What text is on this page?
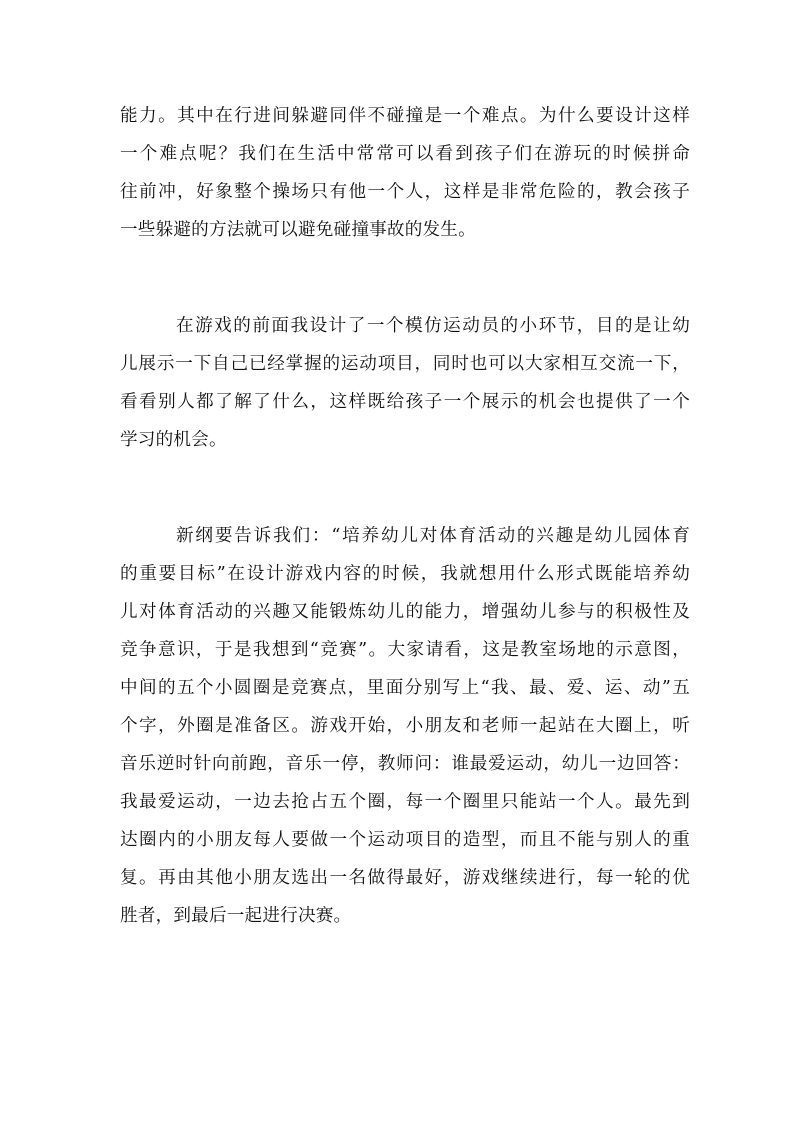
能力。其中在行进间躲避同伴不碰撞是一个难点。为什么要设计这样
一个难点呢？我们在生活中常常可以看到孩子们在游玩的时候拼命
往前冲，好象整个操场只有他一个人，这样是非常危险的，教会孩子
一些躲避的方法就可以避免碰撞事故的发生。
在游戏的前面我设计了一个模仿运动员的小环节，目的是让幼
儿展示一下自己已经掌握的运动项目，同时也可以大家相互交流一下，
看看别人都了解了什么，这样既给孩子一个展示的机会也提供了一个
学习的机会。
新纲要告诉我们：“培养幼儿对体育活动的兴趣是幼儿园体育
的重要目标”在设计游戏内容的时候，我就想用什么形式既能培养幼
儿对体育活动的兴趣又能锻炼幼儿的能力，增强幼儿参与的积极性及
竞争意识，于是我想到“竞赛”。大家请看，这是教室场地的示意图，
中间的五个小圆圈是竞赛点，里面分别写上“我、最、爱、运、动”五
个字，外圈是准备区。游戏开始，小朋友和老师一起站在大圈上，听
音乐逆时针向前跑，音乐一停，教师问：谁最爱运动，幼儿一边回答：
我最爱运动，一边去抢占五个圈，每一个圈里只能站一个人。最先到
达圈内的小朋友每人要做一个运动项目的造型，而且不能与别人的重
复。再由其他小朋友选出一名做得最好，游戏继续进行，每一轮的优
胜者，到最后一起进行决赛。
